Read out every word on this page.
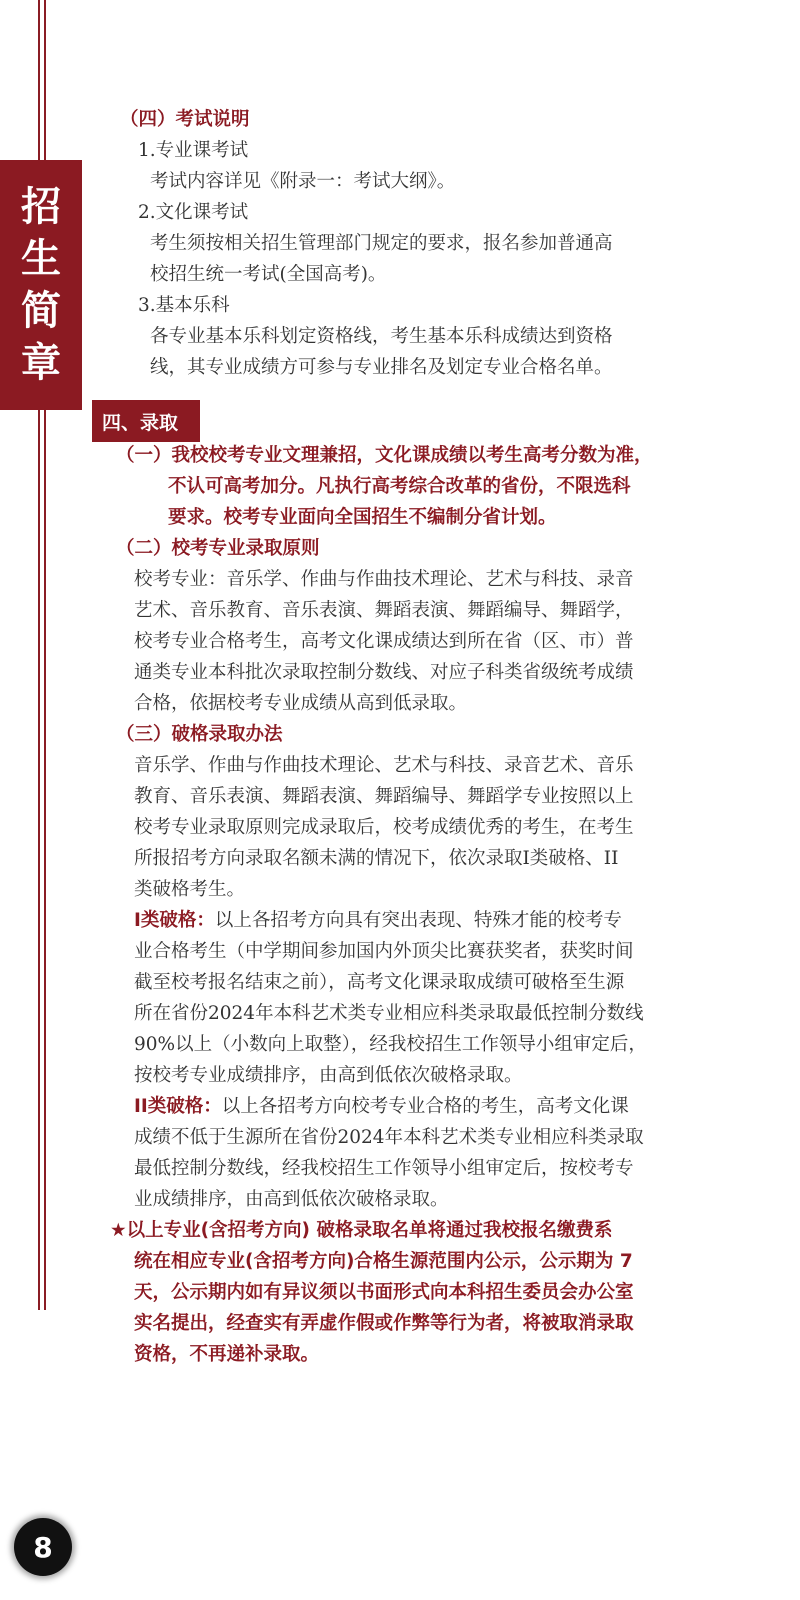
招
生
简
章
（四）考试说明
1.专业课考试
考试内容详见《附录一：考试大纲》。
2.文化课考试
考生须按相关招生管理部门规定的要求，报名参加普通高
校招生统一考试(全国高考)。
3.基本乐科
各专业基本乐科划定资格线，考生基本乐科成绩达到资格
线，其专业成绩方可参与专业排名及划定专业合格名单。
四、录取
（一）我校校考专业文理兼招，文化课成绩以考生高考分数为准，
不认可高考加分。凡执行高考综合改革的省份，不限选科
要求。校考专业面向全国招生不编制分省计划。
（二）校考专业录取原则
校考专业：音乐学、作曲与作曲技术理论、艺术与科技、录音
艺术、音乐教育、音乐表演、舞蹈表演、舞蹈编导、舞蹈学，
校考专业合格考生，高考文化课成绩达到所在省（区、市）普
通类专业本科批次录取控制分数线、对应子科类省级统考成绩
合格，依据校考专业成绩从高到低录取。
（三）破格录取办法
音乐学、作曲与作曲技术理论、艺术与科技、录音艺术、音乐
教育、音乐表演、舞蹈表演、舞蹈编导、舞蹈学专业按照以上
校考专业录取原则完成录取后，校考成绩优秀的考生，在考生
所报招考方向录取名额未满的情况下，依次录取I类破格、II
类破格考生。
I类破格：以上各招考方向具有突出表现、特殊才能的校考专
业合格考生（中学期间参加国内外顶尖比赛获奖者，获奖时间
截至校考报名结束之前），高考文化课录取成绩可破格至生源
所在省份2024年本科艺术类专业相应科类录取最低控制分数线
90%以上（小数向上取整），经我校招生工作领导小组审定后，
按校考专业成绩排序，由高到低依次破格录取。
II类破格：以上各招考方向校考专业合格的考生，高考文化课
成绩不低于生源所在省份2024年本科艺术类专业相应科类录取
最低控制分数线，经我校招生工作领导小组审定后，按校考专
业成绩排序，由高到低依次破格录取。
★以上专业(含招考方向) 破格录取名单将通过我校报名缴费系
统在相应专业(含招考方向)合格生源范围内公示，公示期为 7
天，公示期内如有异议须以书面形式向本科招生委员会办公室
实名提出，经查实有弄虚作假或作弊等行为者，将被取消录取
资格，不再递补录取。
8
